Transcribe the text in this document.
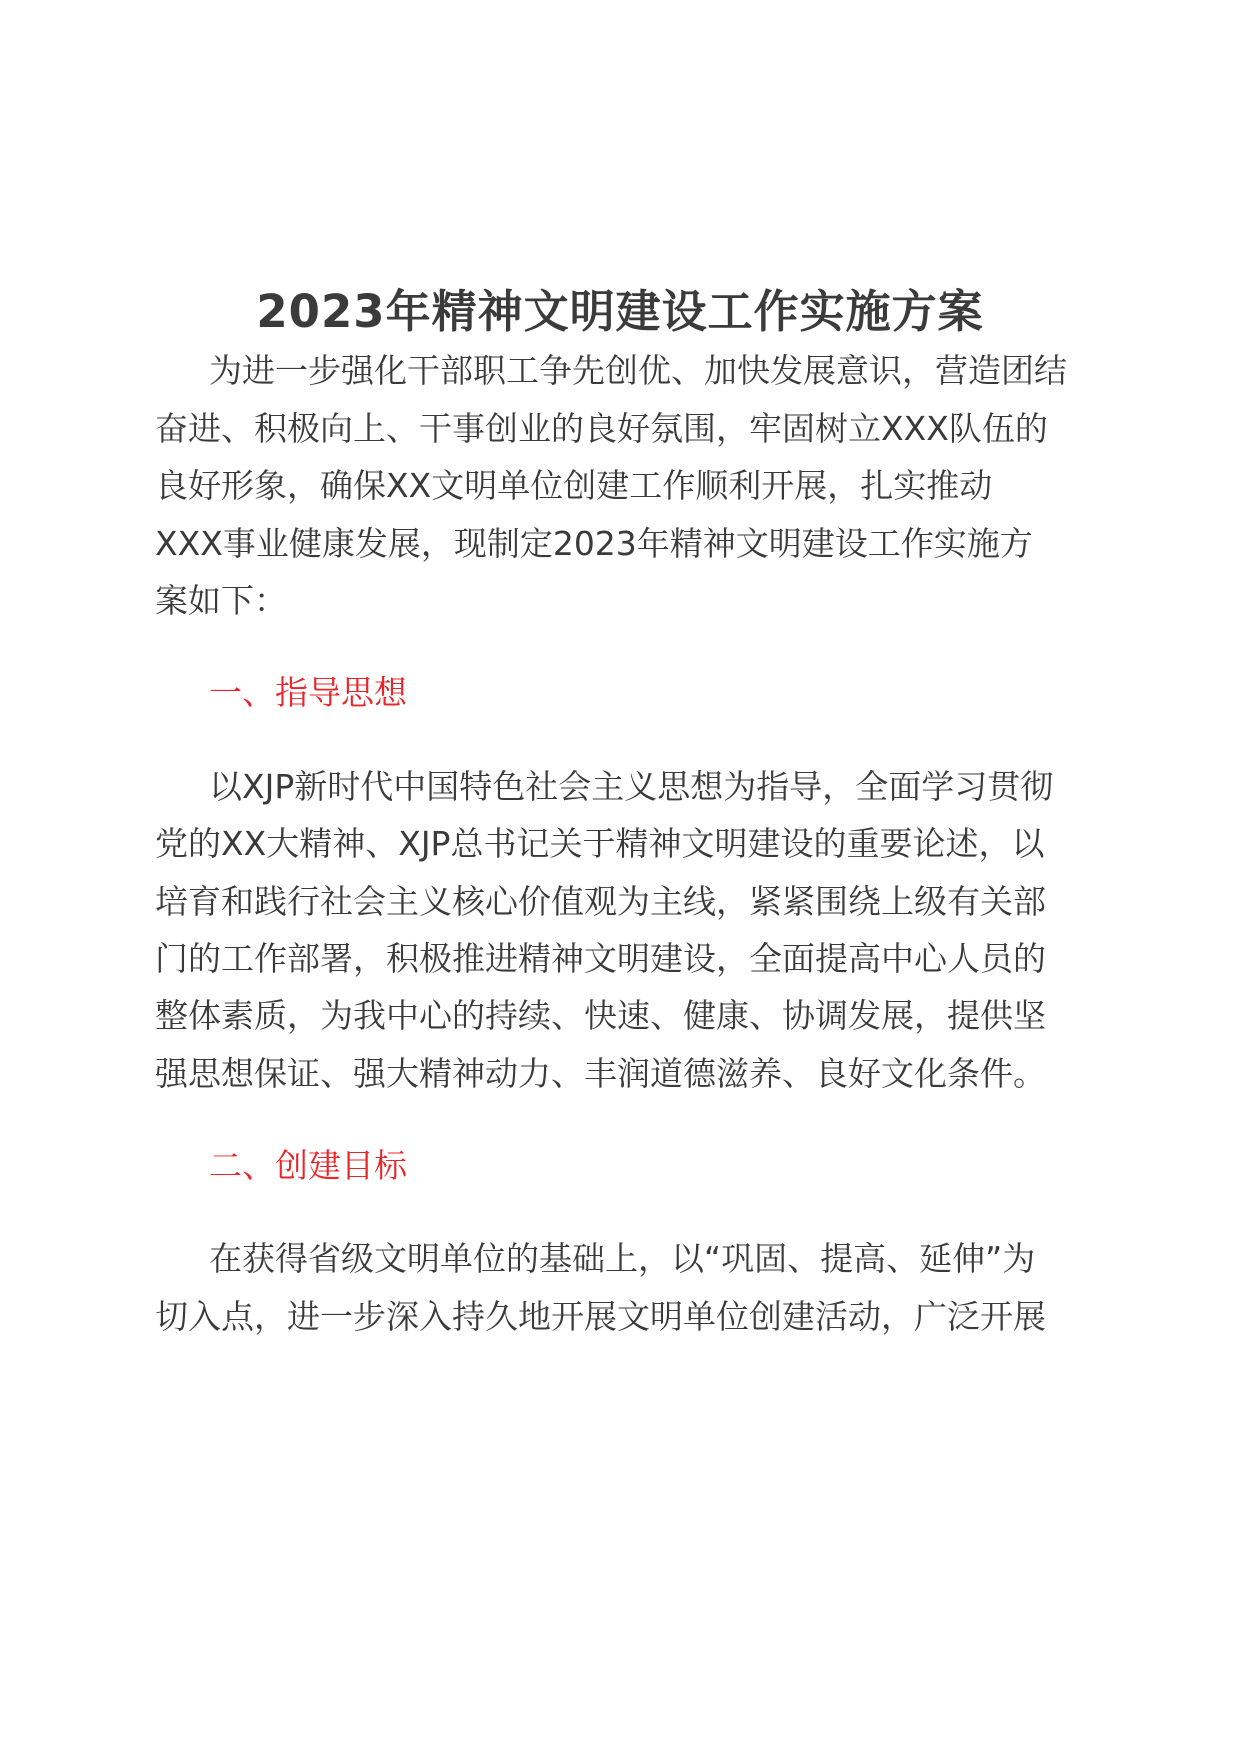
2023年精神文明建设工作实施方案
为进一步强化干部职工争先创优、加快发展意识，营造团结
奋进、积极向上、干事创业的良好氛围，牢固树立XXX队伍的
良好形象，确保XX文明单位创建工作顺利开展，扎实推动
XXX事业健康发展，现制定2023年精神文明建设工作实施方
案如下：
一、指导思想
以XJP新时代中国特色社会主义思想为指导，全面学习贯彻
党的XX大精神、XJP总书记关于精神文明建设的重要论述，以
培育和践行社会主义核心价值观为主线，紧紧围绕上级有关部
门的工作部署，积极推进精神文明建设，全面提高中心人员的
整体素质，为我中心的持续、快速、健康、协调发展，提供坚
强思想保证、强大精神动力、丰润道德滋养、良好文化条件。
二、创建目标
在获得省级文明单位的基础上，以“巩固、提高、延伸”为
切入点，进一步深入持久地开展文明单位创建活动，广泛开展
